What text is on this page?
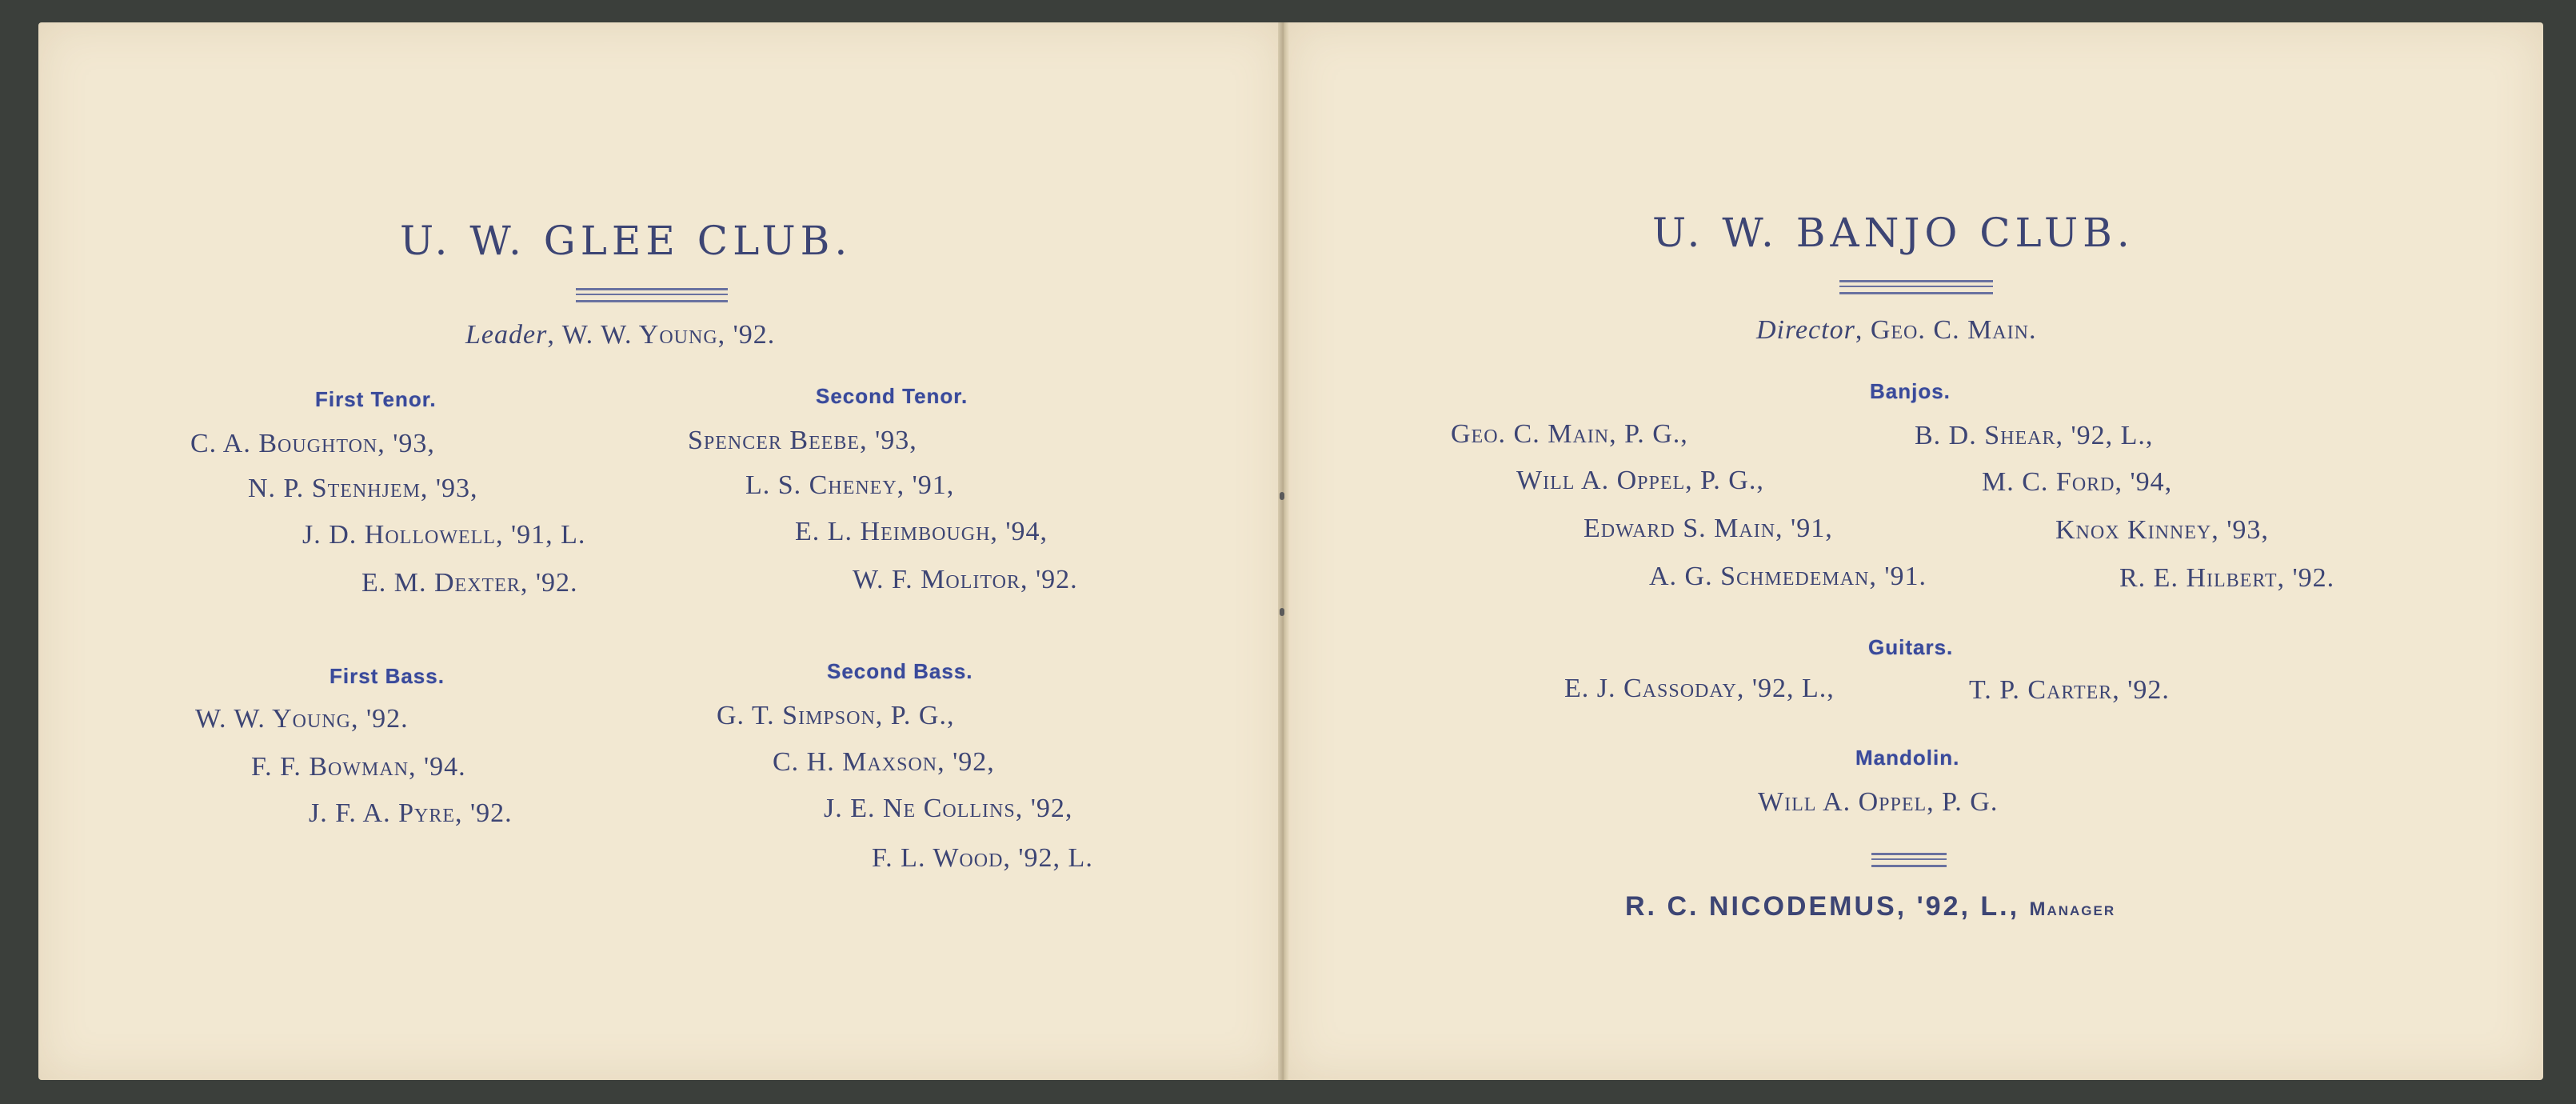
U. W. GLEE CLUB.
Leader, W. W. Young, '92.
First Tenor.
C. A. Boughton, '93,
N. P. Stenhjem, '93,
J. D. Hollowell, '91, L.
E. M. Dexter, '92.
Second Tenor.
Spencer Beebe, '93,
L. S. Cheney, '91,
E. L. Heimbough, '94,
W. F. Molitor, '92.
First Bass.
W. W. Young, '92.
F. F. Bowman, '94.
J. F. A. Pyre, '92.
Second Bass.
G. T. Simpson, P. G.,
C. H. Maxson, '92,
J. E. Ne Collins, '92,
F. L. Wood, '92, L.
U. W. BANJO CLUB.
Director, Geo. C. Main.
Banjos.
Geo. C. Main, P. G.,
Will A. Oppel, P. G.,
Edward S. Main, '91,
A. G. Schmedeman, '91.
B. D. Shear, '92, L.,
M. C. Ford, '94,
Knox Kinney, '93,
R. E. Hilbert, '92.
Guitars.
E. J. Cassoday, '92, L.,	T. P. Carter, '92.
Mandolin.
Will A. Oppel, P. G.
R. C. NICODEMUS, '92, L., Manager
